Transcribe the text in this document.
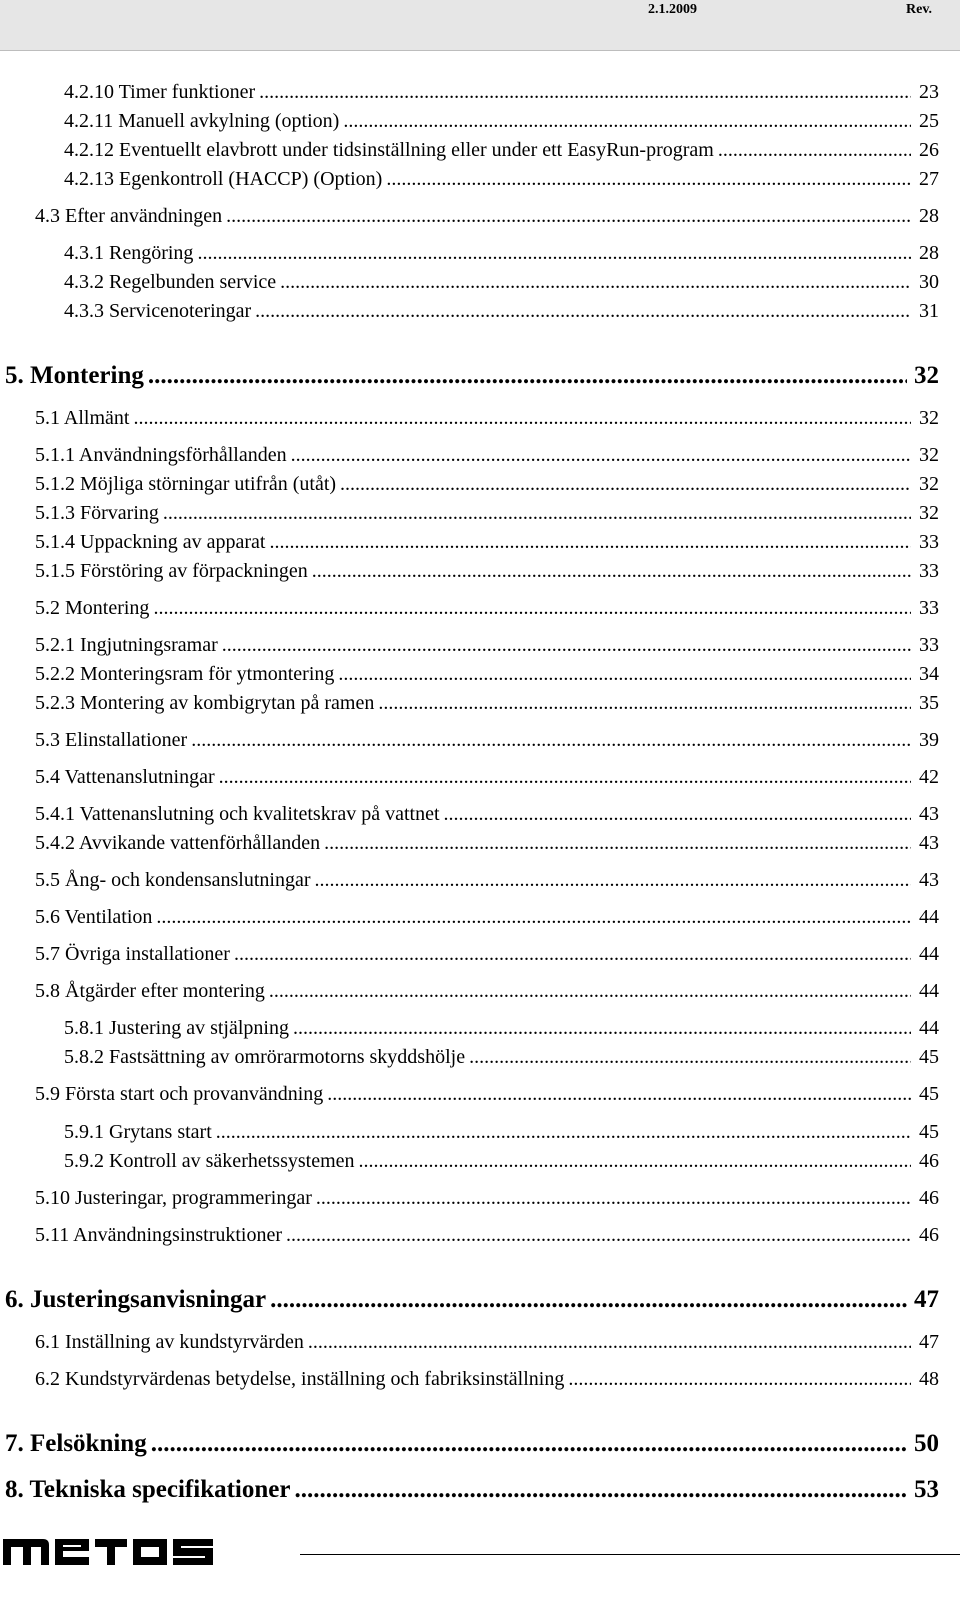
2.1.2009	Rev.
4.2.10 Timer funktioner .....	23
4.2.11 Manuell avkylning (option) .....	25
4.2.12 Eventuellt elavbrott under tidsinställning eller under ett EasyRun-program .....	26
4.2.13 Egenkontroll (HACCP) (Option) .....	27
4.3 Efter användningen .....	28
4.3.1 Rengöring .....	28
4.3.2 Regelbunden service .....	30
4.3.3 Servicenoteringar .....	31
5. Montering .....	32
5.1 Allmänt .....	32
5.1.1 Användningsförhållanden .....	32
5.1.2 Möjliga störningar utifrån (utåt) .....	32
5.1.3 Förvaring .....	32
5.1.4 Uppackning av apparat .....	33
5.1.5 Förstöring av förpackningen .....	33
5.2 Montering .....	33
5.2.1 Ingjutningsramar .....	33
5.2.2 Monteringsram för ytmontering .....	34
5.2.3 Montering av kombigrytan på ramen .....	35
5.3 Elinstallationer .....	39
5.4 Vattenanslutningar .....	42
5.4.1 Vattenanslutning och kvalitetskrav på vattnet .....	43
5.4.2 Avvikande vattenförhållanden .....	43
5.5 Ång- och kondensanslutningar .....	43
5.6 Ventilation .....	44
5.7 Övriga installationer .....	44
5.8 Åtgärder efter montering .....	44
5.8.1 Justering av stjälpning .....	44
5.8.2 Fastsättning av omrörarmotorns skyddshölje .....	45
5.9 Första start och provanvändning .....	45
5.9.1 Grytans start .....	45
5.9.2 Kontroll av säkerhetssystemen .....	46
5.10 Justeringar, programmeringar .....	46
5.11 Användningsinstruktioner .....	46
6. Justeringsanvisningar .....	47
6.1 Inställning av kundstyrvärden .....	47
6.2 Kundstyrvärdenas betydelse, inställning och fabriksinställning .....	48
7. Felsökning .....	50
8. Tekniska specifikationer .....	53
metos
